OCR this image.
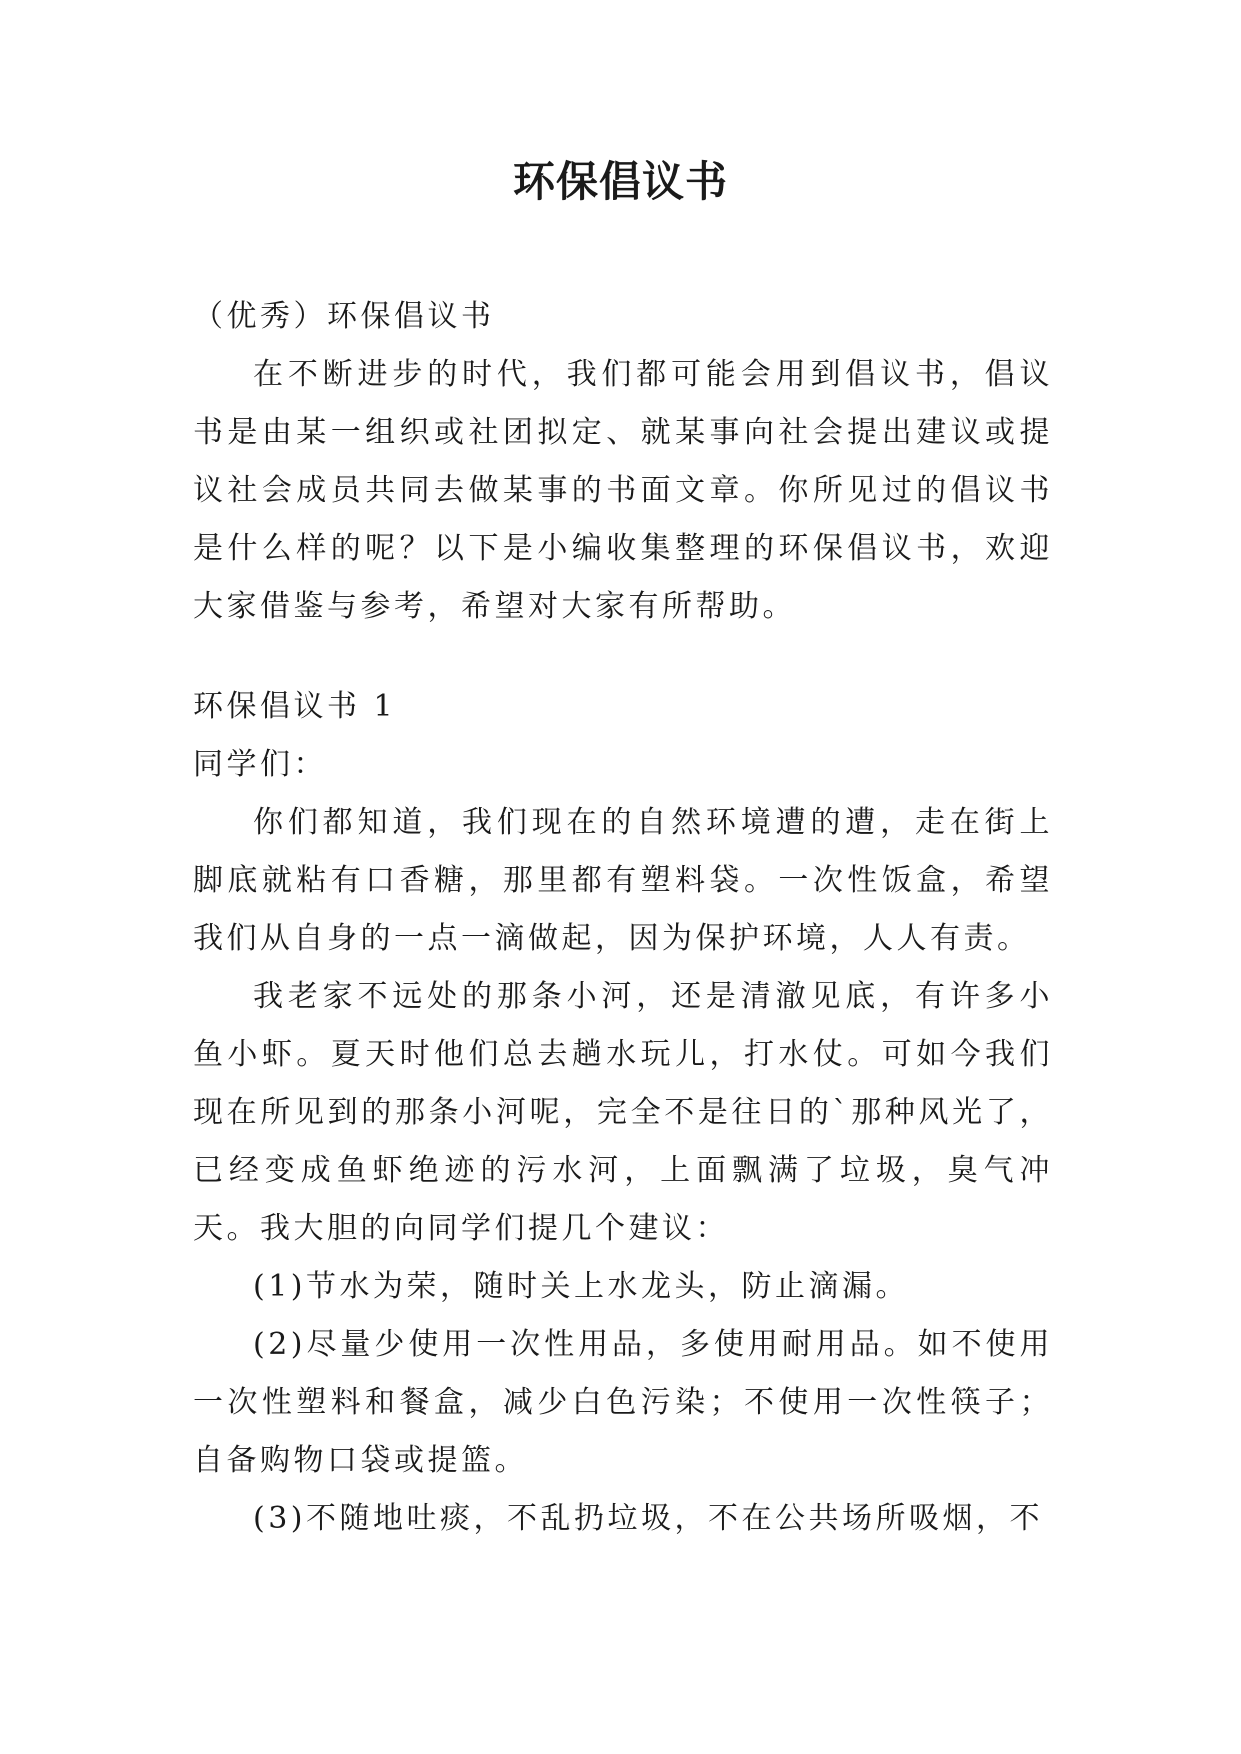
环保倡议书

（优秀）环保倡议书

在不断进步的时代，我们都可能会用到倡议书，倡议书是由某一组织或社团拟定、就某事向社会提出建议或提议社会成员共同去做某事的书面文章。你所见过的倡议书是什么样的呢？以下是小编收集整理的环保倡议书，欢迎大家借鉴与参考，希望对大家有所帮助。

环保倡议书 1

同学们：

你们都知道，我们现在的自然环境遭的遭，走在街上脚底就粘有口香糖，那里都有塑料袋。一次性饭盒，希望我们从自身的一点一滴做起，因为保护环境，人人有责。

我老家不远处的那条小河，还是清澈见底，有许多小鱼小虾。夏天时他们总去趟水玩儿，打水仗。可如今我们现在所见到的那条小河呢，完全不是往日的`那种风光了，已经变成鱼虾绝迹的污水河，上面飘满了垃圾，臭气冲天。我大胆的向同学们提几个建议：

(1)节水为荣，随时关上水龙头，防止滴漏。

(2)尽量少使用一次性用品，多使用耐用品。如不使用一次性塑料和餐盒，减少白色污染；不使用一次性筷子；自备购物口袋或提篮。

(3)不随地吐痰，不乱扔垃圾，不在公共场所吸烟，不
